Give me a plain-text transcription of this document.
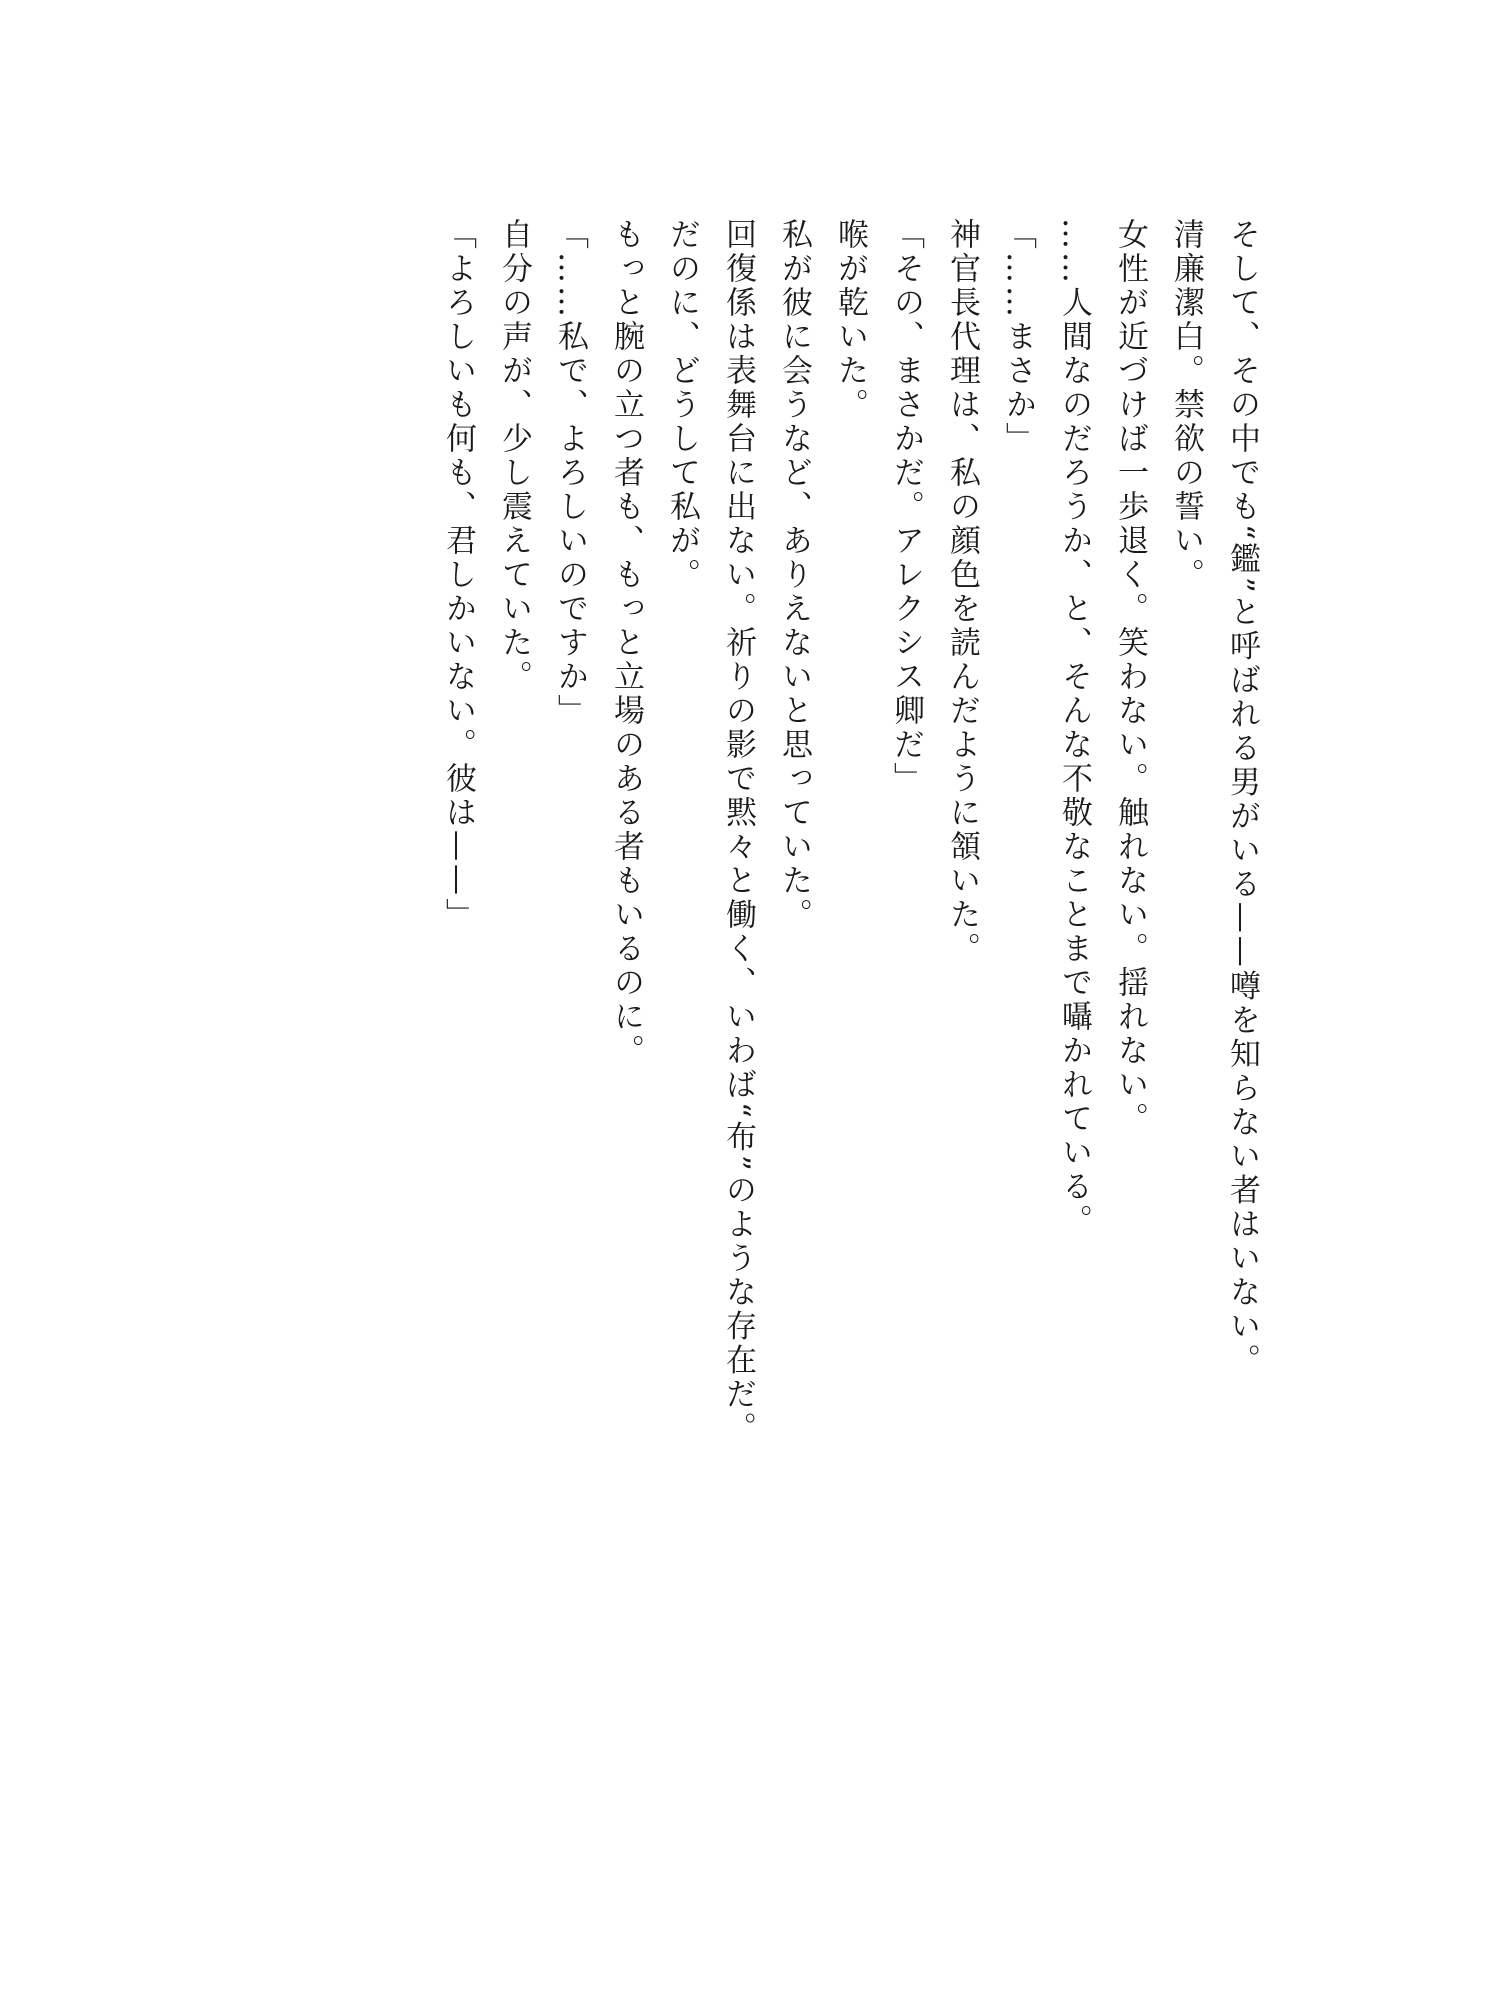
そして、その中でも“鑑”と呼ばれる男がいる——噂を知らない者はいない。
清廉潔白。禁欲の誓い。
女性が近づけば一歩退く。笑わない。触れない。揺れない。
……人間なのだろうか、と、そんな不敬なことまで囁かれている。
「……まさか」
神官長代理は、私の顔色を読んだように頷いた。
「その、まさかだ。アレクシス卿だ」
喉が乾いた。
私が彼に会うなど、ありえないと思っていた。
回復係は表舞台に出ない。祈りの影で黙々と働く、いわば“布”のような存在だ。
だのに、どうして私が。
もっと腕の立つ者も、もっと立場のある者もいるのに。
「……私で、よろしいのですか」
自分の声が、少し震えていた。
「よろしいも何も、君しかいない。彼は——」
